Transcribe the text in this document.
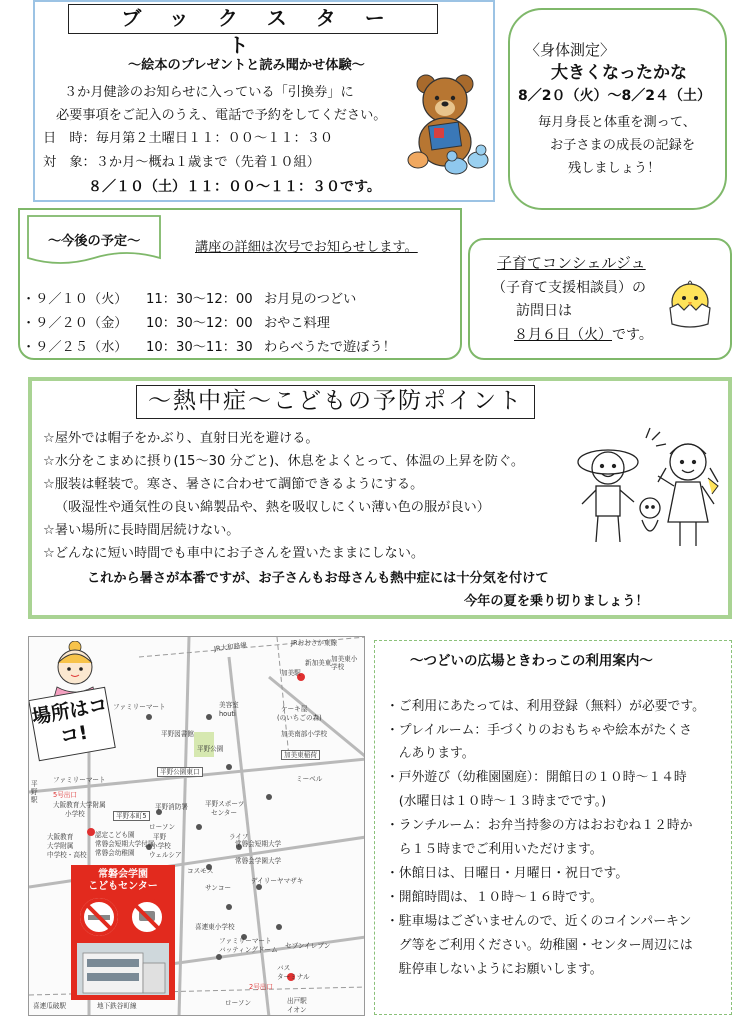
ブックスタート
～絵本のプレゼントと読み聞かせ体験～
３か月健診のお知らせに入っている「引換券」に
必要事項をご記入のうえ、電話で予約をしてください。
日　時：毎月第２土曜日１１：００～１１：３０
対　象：３か月～概ね１歳まで（先着１０組）
８／１０（土）１１：００～１１：３０です。
〈身体測定〉
大きくなったかな
8／2０（火）～8／2４（土）
毎月身長と体重を測って、
お子さまの成長の記録を
残しましょう！
～今後の予定～	講座の詳細は次号でお知らせします。
・９／１０（火） 11：30～12：00 お月見のつどい
・９／２０（金） 10：30～12：00 おやこ料理
・９／２５（水） 10：30～11：30 わらべうたで遊ぼう！
子育てコンシェルジュ
（子育て支援相談員）の
訪問日は
８月６日（火）です。
～熱中症～こどもの予防ポイント
☆屋外では帽子をかぶり、直射日光を避ける。
☆水分をこまめに摂り(15～30 分ごと)、休息をよくとって、体温の上昇を防ぐ。
☆服装は軽装で。寒さ、暑さに合わせて調節できるようにする。
（吸湿性や通気性の良い綿製品や、熱を吸収しにくい薄い色の服が良い）
☆暑い場所に長時間居続けない。
☆どんなに短い時間でも車中にお子さんを置いたままにしない。
これから暑さが本番ですが、お子さんもお母さんも熱中症には十分気を付けて
今年の夏を乗り切りましょう！
場所はココ!
JR大和路線	JRおおさか東線
加美駅
新加美東 加美東小学校
ファミリーマート	美容室
houti
ケーキ屋
(のいちごの森)
加美南部小学校
平野図書館
平野公園
加美東稲荷
平野公園東口
ファミリーマート	ミーベル
5号出口
平野駅
大阪教育大学附属
小学校	平野本町5
平野消防署	平野スポーツ
センター
ローソン
平野
小学校
ライフ
大阪教育
大学附属
中学校・高校
認定こども園
常磐会短期大学付属
常磐会幼稚園 ウェルシア
常磐会短期大学
常磐会学園大学
コスモス
サンコー
デイリーヤマザキ
喜連東小学校
ファミリーマート
バッティングドーム セブンイレブン
バス
ターミナル
2号出口
喜連瓜破駅	地下鉄谷町線	ローソン	出戸駅
イオン
常磐会学園
こどもセンター
～つどいの広場ときわっこの利用案内～
・ご利用にあたっては、利用登録（無料）が必要です。
・プレイルーム：手づくりのおもちゃや絵本がたくさ
　んあります。
・戸外遊び（幼稚園園庭）：開館日の１０時～１４時
　(水曜日は１０時～１３時までです。)
・ランチルーム：お弁当持参の方はおおむね１２時か
　ら１５時までご利用いただけます。
・休館日は、日曜日・月曜日・祝日です。
・開館時間は、１０時～１６時です。
・駐車場はございませんので、近くのコインパーキン
　グ等をご利用ください。幼稚園・センター周辺には
　駐停車しないようにお願いします。
